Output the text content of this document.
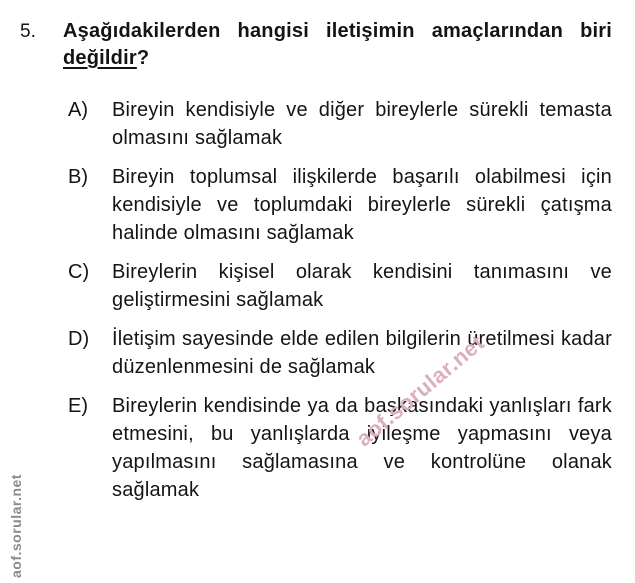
5.	Aşağıdakilerden hangisi iletişimin amaçlarından biri değildir?
A)	Bireyin kendisiyle ve diğer bireylerle sürekli temasta olmasını sağlamak
B)	Bireyin toplumsal ilişkilerde başarılı olabilmesi için kendisiyle ve toplumdaki bireylerle sürekli çatışma halinde olmasını sağlamak
C)	Bireylerin kişisel olarak kendisini tanımasını ve geliştirmesini sağlamak
D)	İletişim sayesinde elde edilen bilgilerin üretilmesi kadar düzenlenmesini de sağlamak
E)	Bireylerin kendisinde ya da başkasındaki yanlışları fark etmesini, bu yanlışlarda iyileşme yapmasını veya yapılmasını sağlamasına ve kontrolüne olanak sağlamak
aof.sorular.net
aof.sorular.net
